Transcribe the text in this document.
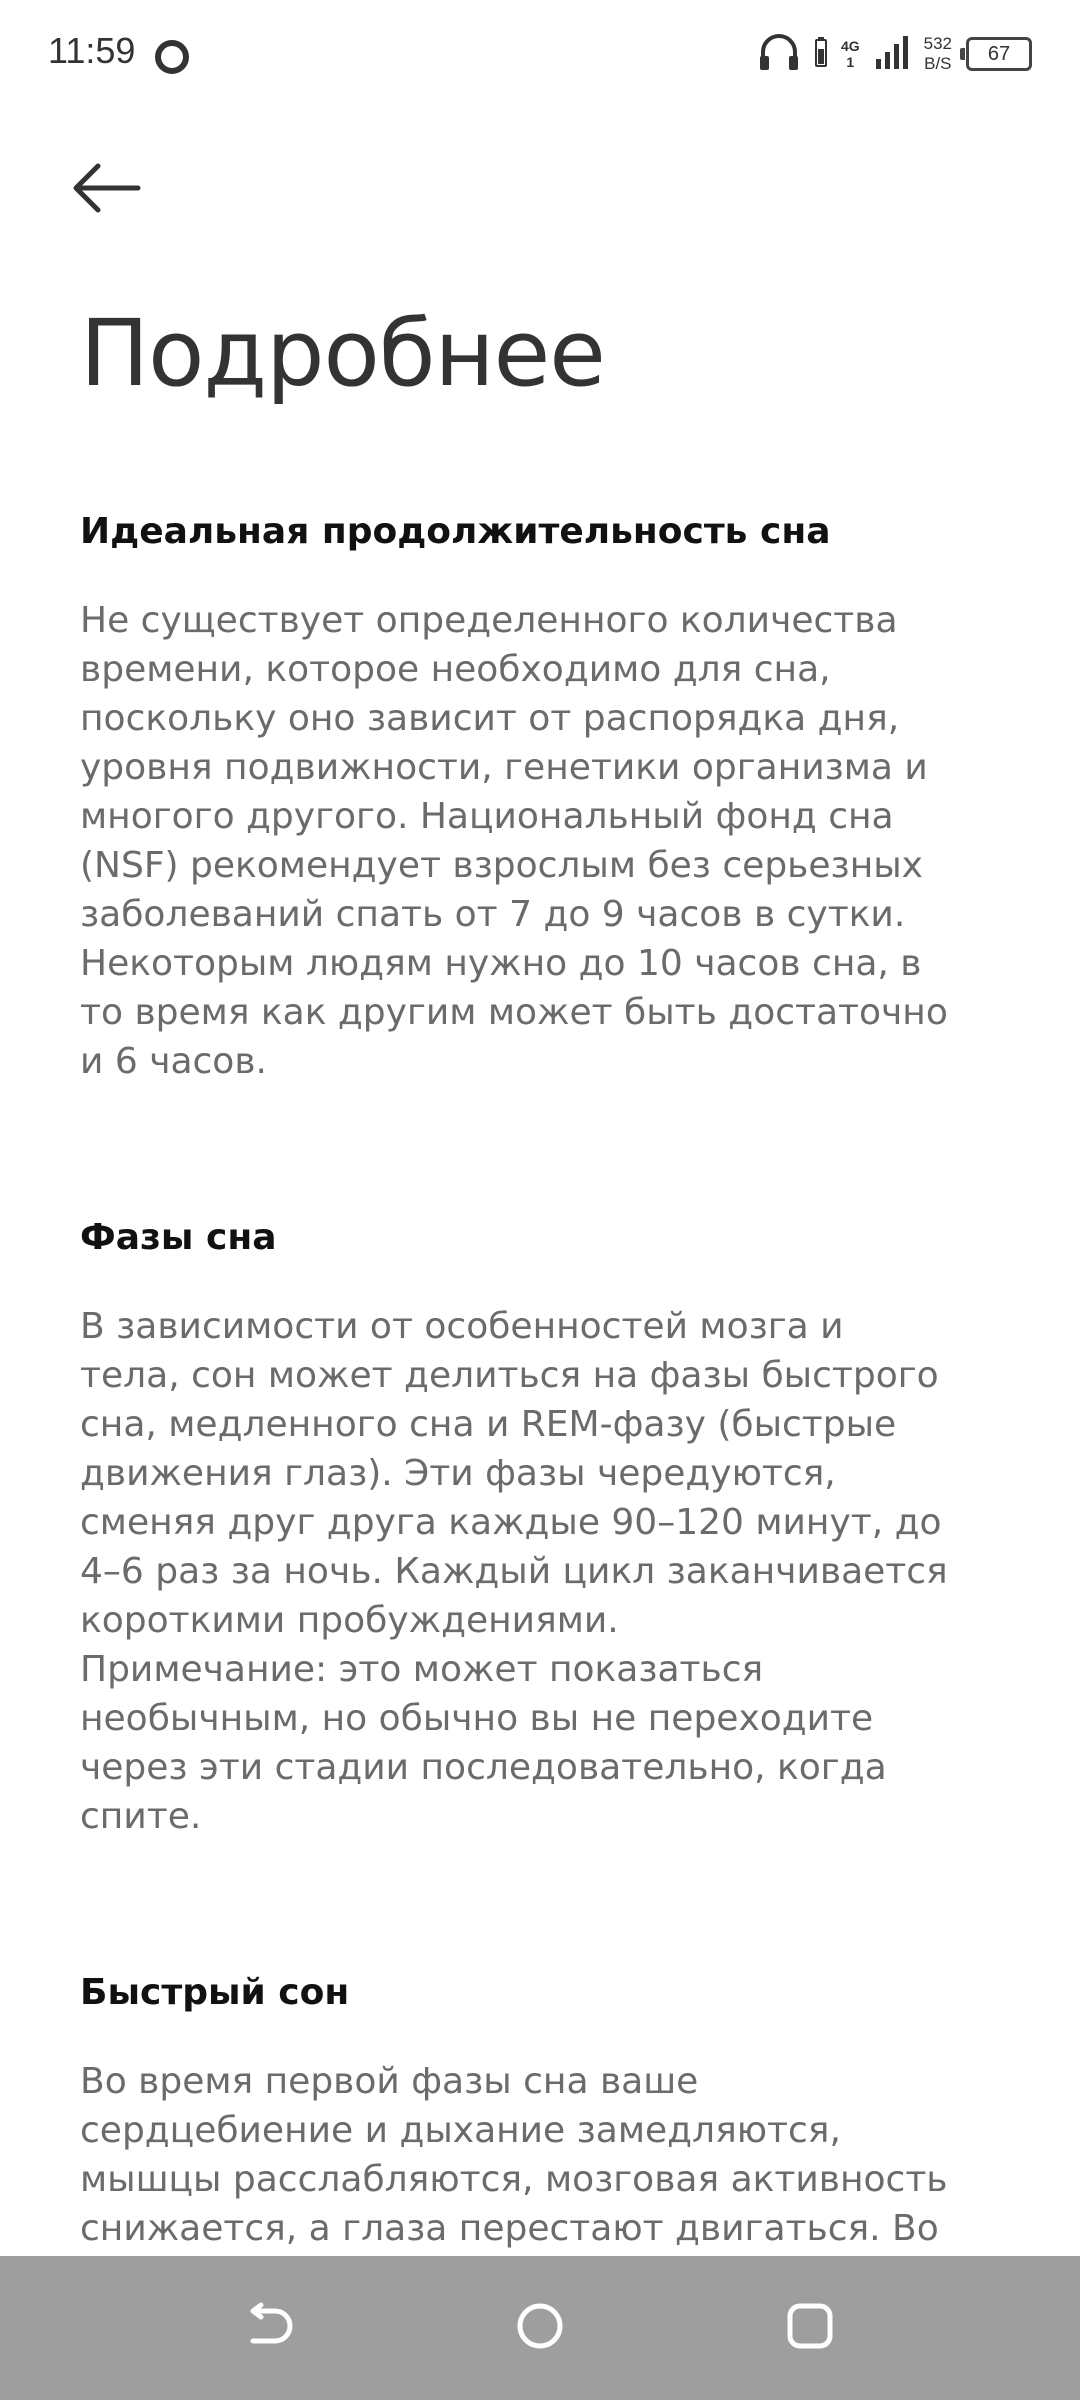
11:59	4G
1
532
B/S	67
Подробнее
Идеальная продолжительность сна

Не существует определенного количества
времени, которое необходимо для сна,
поскольку оно зависит от распорядка дня,
уровня подвижности, генетики организма и
многого другого. Национальный фонд сна
(NSF) рекомендует взрослым без серьезных
заболеваний спать от 7 до 9 часов в сутки.
Некоторым людям нужно до 10 часов сна, в
то время как другим может быть достаточно
и 6 часов.

Фазы сна

В зависимости от особенностей мозга и
тела, сон может делиться на фазы быстрого
сна, медленного сна и REM-фазу (быстрые
движения глаз). Эти фазы чередуются,
сменяя друг друга каждые 90–120 минут, до
4–6 раз за ночь. Каждый цикл заканчивается
короткими пробуждениями.
Примечание: это может показаться
необычным, но обычно вы не переходите
через эти стадии последовательно, когда
спите.

Быстрый сон

Во время первой фазы сна ваше
сердцебиение и дыхание замедляются,
мышцы расслабляются, мозговая активность
снижается, а глаза перестают двигаться. Во
